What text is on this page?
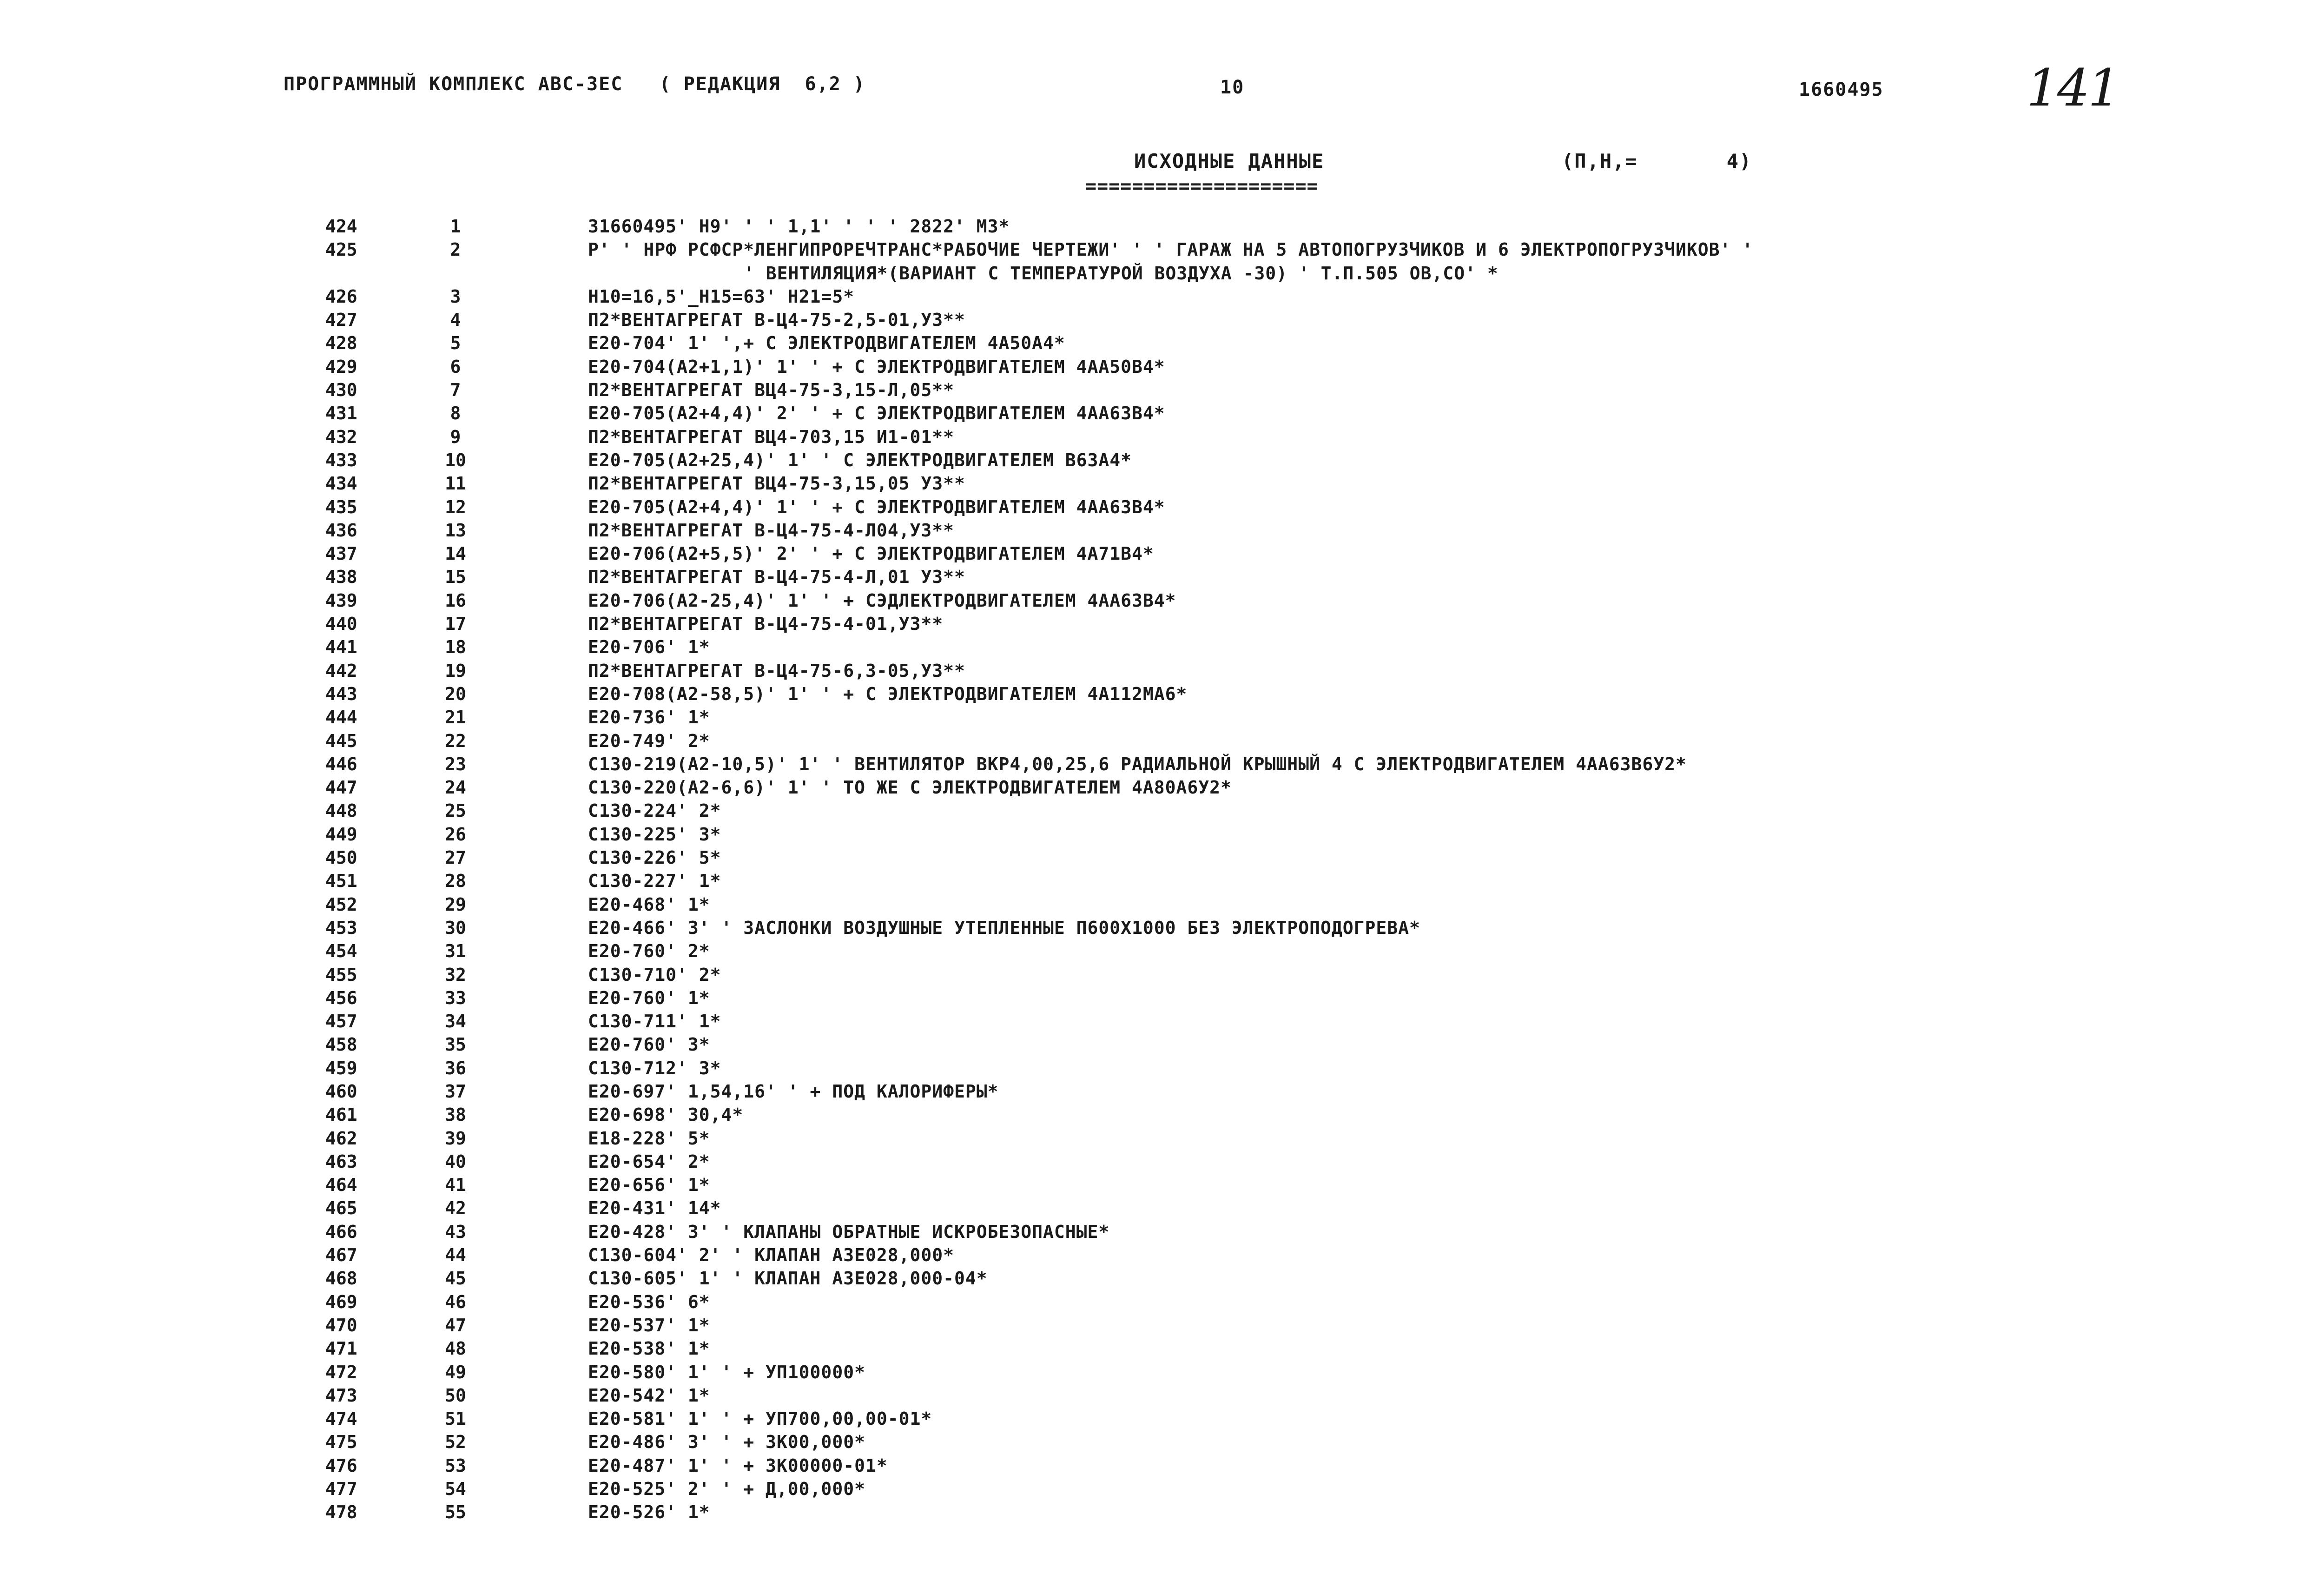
ПРОГРАММНЫЙ КОМПЛЕКС АВС-ЗЕС   ( РЕДАКЦИЯ  6,2 )	10	1660495	141
ИСХОДНЫЕ ДАННЫЕ	(П,Н,=       4)
====================
424	1	31660495' Н9' ' ' 1,1' ' ' ' 2822' М3*
425	2	Р' ' НРФ РСФСР*ЛЕНГИПРОРЕЧТРАНС*РАБОЧИЕ ЧЕРТЕЖИ' ' ' ГАРАЖ НА 5 АВТОПОГРУЗЧИКОВ И 6 ЭЛЕКТРОПОГРУЗЧИКОВ' '
' ВЕНТИЛЯЦИЯ*(ВАРИАНТ С ТЕМПЕРАТУРОЙ ВОЗДУХА -30) ' Т.П.505 ОВ,СО' *
426	3	Н10=16,5'_Н15=63' Н21=5*
427	4	П2*ВЕНТАГРЕГАТ В-Ц4-75-2,5-01,У3**
428	5	Е20-704' 1' ',+ С ЭЛЕКТРОДВИГАТЕЛЕМ 4А50А4*
429	6	Е20-704(А2+1,1)' 1' ' + С ЭЛЕКТРОДВИГАТЕЛЕМ 4АА50В4*
430	7	П2*ВЕНТАГРЕГАТ ВЦ4-75-3,15-Л,05**
431	8	Е20-705(А2+4,4)' 2' ' + С ЭЛЕКТРОДВИГАТЕЛЕМ 4АА63В4*
432	9	П2*ВЕНТАГРЕГАТ ВЦ4-703,15 И1-01**
433	10	Е20-705(А2+25,4)' 1' ' С ЭЛЕКТРОДВИГАТЕЛЕМ В63А4*
434	11	П2*ВЕНТАГРЕГАТ ВЦ4-75-3,15,05 У3**
435	12	Е20-705(А2+4,4)' 1' ' + С ЭЛЕКТРОДВИГАТЕЛЕМ 4АА63В4*
436	13	П2*ВЕНТАГРЕГАТ В-Ц4-75-4-Л04,У3**
437	14	Е20-706(А2+5,5)' 2' ' + С ЭЛЕКТРОДВИГАТЕЛЕМ 4А71В4*
438	15	П2*ВЕНТАГРЕГАТ В-Ц4-75-4-Л,01 У3**
439	16	Е20-706(А2-25,4)' 1' ' + СЭДЛЕКТРОДВИГАТЕЛЕМ 4АА63В4*
440	17	П2*ВЕНТАГРЕГАТ В-Ц4-75-4-01,У3**
441	18	Е20-706' 1*
442	19	П2*ВЕНТАГРЕГАТ В-Ц4-75-6,3-05,У3**
443	20	Е20-708(А2-58,5)' 1' ' + С ЭЛЕКТРОДВИГАТЕЛЕМ 4А112МА6*
444	21	Е20-736' 1*
445	22	Е20-749' 2*
446	23	С130-219(А2-10,5)' 1' ' ВЕНТИЛЯТОР ВКР4,00,25,6 РАДИАЛЬНОЙ КРЫШНЫЙ 4 С ЭЛЕКТРОДВИГАТЕЛЕМ 4АА63В6У2*
447	24	С130-220(А2-6,6)' 1' ' ТО ЖЕ С ЭЛЕКТРОДВИГАТЕЛЕМ 4А80А6У2*
448	25	С130-224' 2*
449	26	С130-225' 3*
450	27	С130-226' 5*
451	28	С130-227' 1*
452	29	Е20-468' 1*
453	30	Е20-466' 3' ' ЗАСЛОНКИ ВОЗДУШНЫЕ УТЕПЛЕННЫЕ П600Х1000 БЕЗ ЭЛЕКТРОПОДОГРЕВА*
454	31	Е20-760' 2*
455	32	С130-710' 2*
456	33	Е20-760' 1*
457	34	С130-711' 1*
458	35	Е20-760' 3*
459	36	С130-712' 3*
460	37	Е20-697' 1,54,16' ' + ПОД КАЛОРИФЕРЫ*
461	38	Е20-698' 30,4*
462	39	Е18-228' 5*
463	40	Е20-654' 2*
464	41	Е20-656' 1*
465	42	Е20-431' 14*
466	43	Е20-428' 3' ' КЛАПАНЫ ОБРАТНЫЕ ИСКРОБЕЗОПАСНЫЕ*
467	44	С130-604' 2' ' КЛАПАН АЗЕ028,000*
468	45	С130-605' 1' ' КЛАПАН АЗЕ028,000-04*
469	46	Е20-536' 6*
470	47	Е20-537' 1*
471	48	Е20-538' 1*
472	49	Е20-580' 1' ' + УП100000*
473	50	Е20-542' 1*
474	51	Е20-581' 1' ' + УП700,00,00-01*
475	52	Е20-486' 3' ' + ЗК00,000*
476	53	Е20-487' 1' ' + ЗК00000-01*
477	54	Е20-525' 2' ' + Д,00,000*
478	55	Е20-526' 1*
